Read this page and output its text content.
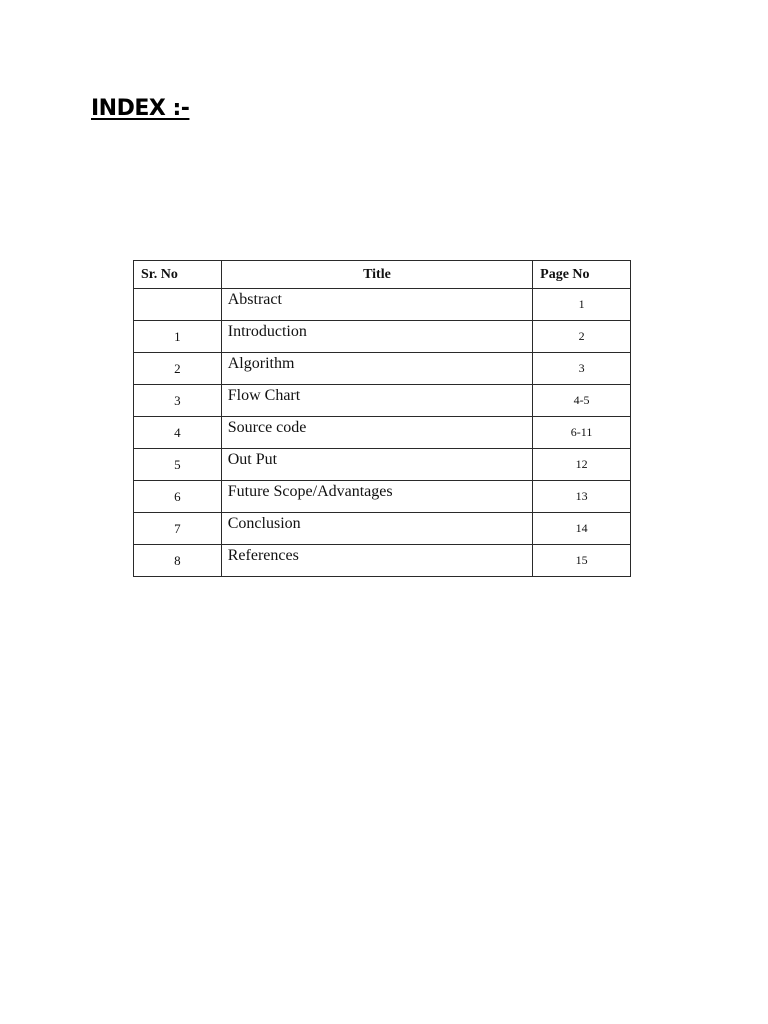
INDEX :-
Sr. No	Title	Page No
	Abstract	1
1	Introduction	2
2	Algorithm	3
3	Flow Chart	4-5
4	Source code	6-11
5	Out Put	12
6	Future Scope/Advantages	13
7	Conclusion	14
8	References	15
